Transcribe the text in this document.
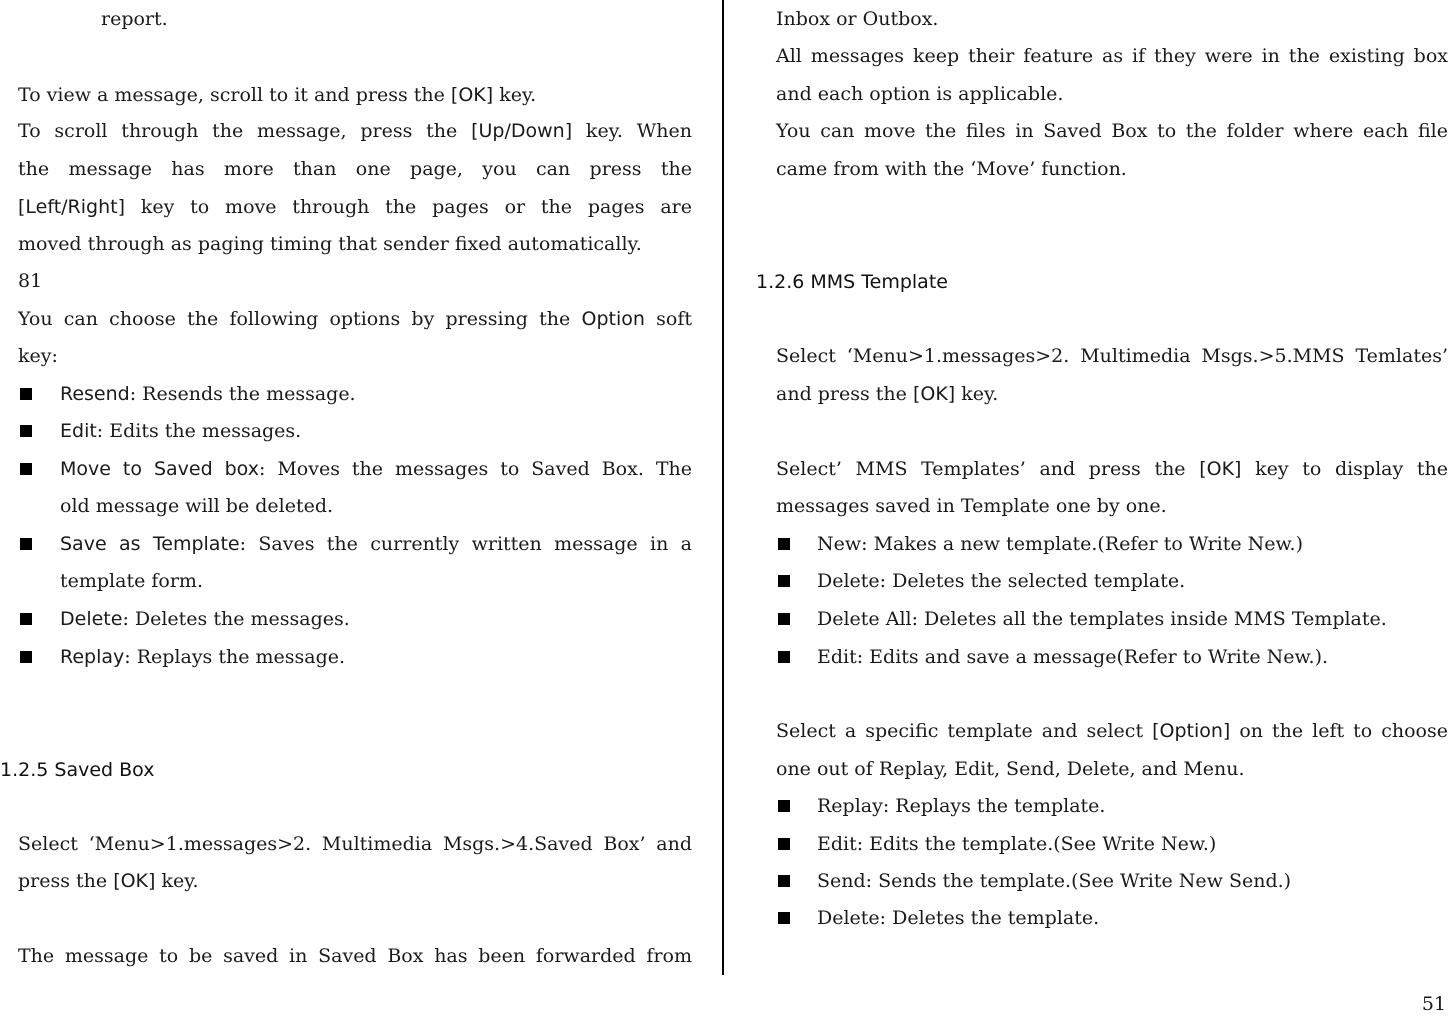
report.
To view a message, scroll to it and press the [OK] key.
To scroll through the message, press the [Up/Down] key. When
the message has more than one page, you can press the
[Left/Right] key to move through the pages or the pages are
moved through as paging timing that sender fixed automatically.
81
You can choose the following options by pressing the Option soft
key:
Resend: Resends the message.
Edit: Edits the messages.
Move to Saved box: Moves the messages to Saved Box. The
old message will be deleted.
Save as Template: Saves the currently written message in a
template form.
Delete: Deletes the messages.
Replay: Replays the message.
1.2.5 Saved Box
Select ‘Menu>1.messages>2. Multimedia Msgs.>4.Saved Box’ and
press the [OK] key.
The message to be saved in Saved Box has been forwarded from
Inbox or Outbox.
All messages keep their feature as if they were in the existing box
and each option is applicable.
You can move the files in Saved Box to the folder where each file
came from with the ‘Move’ function.
1.2.6 MMS Template
Select ‘Menu>1.messages>2. Multimedia Msgs.>5.MMS Temlates’
and press the [OK] key.
Select’ MMS Templates’ and press the [OK] key to display the
messages saved in Template one by one.
New: Makes a new template.(Refer to Write New.)
Delete: Deletes the selected template.
Delete All: Deletes all the templates inside MMS Template.
Edit: Edits and save a message(Refer to Write New.).
Select a specific template and select [Option] on the left to choose
one out of Replay, Edit, Send, Delete, and Menu.
Replay: Replays the template.
Edit: Edits the template.(See Write New.)
Send: Sends the template.(See Write New Send.)
Delete: Deletes the template.
51
